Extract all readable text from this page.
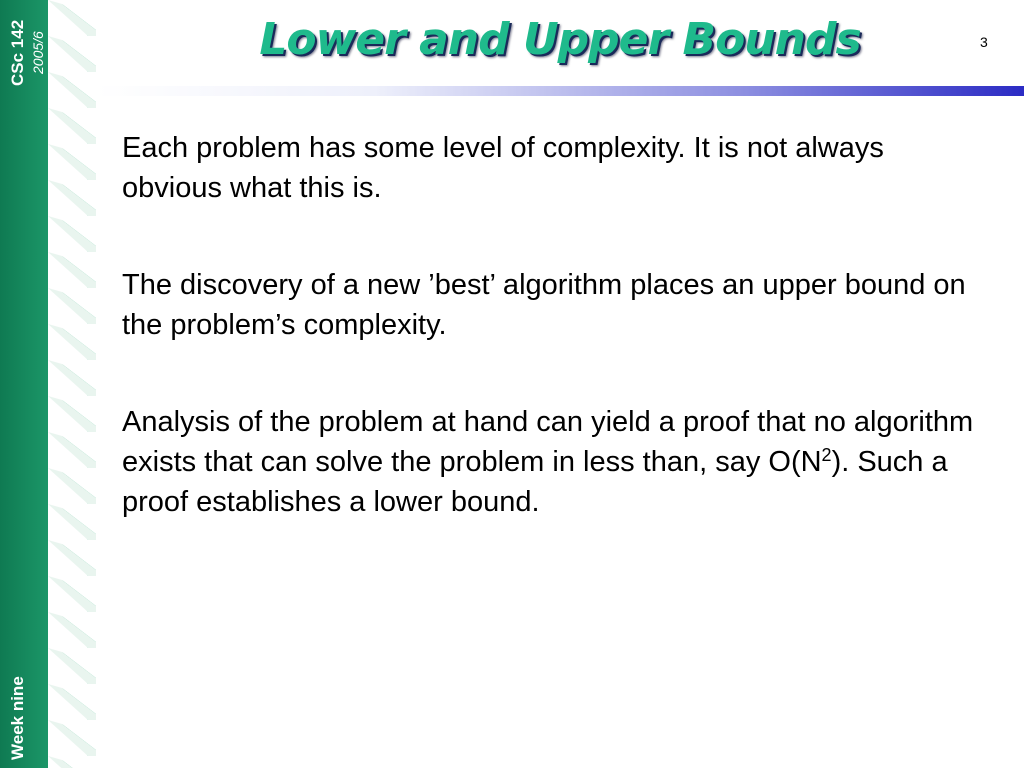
CSc 142 2005/6
Week nine
Lower and Upper Bounds	3

Each problem has some level of complexity. It is not always obvious what this is.

The discovery of a new ’best’ algorithm places an upper bound on the problem’s complexity.

Analysis of the problem at hand can yield a proof that no algorithm exists that can solve the problem in less than, say $O(N^2)$. Such a proof establishes a lower bound.
